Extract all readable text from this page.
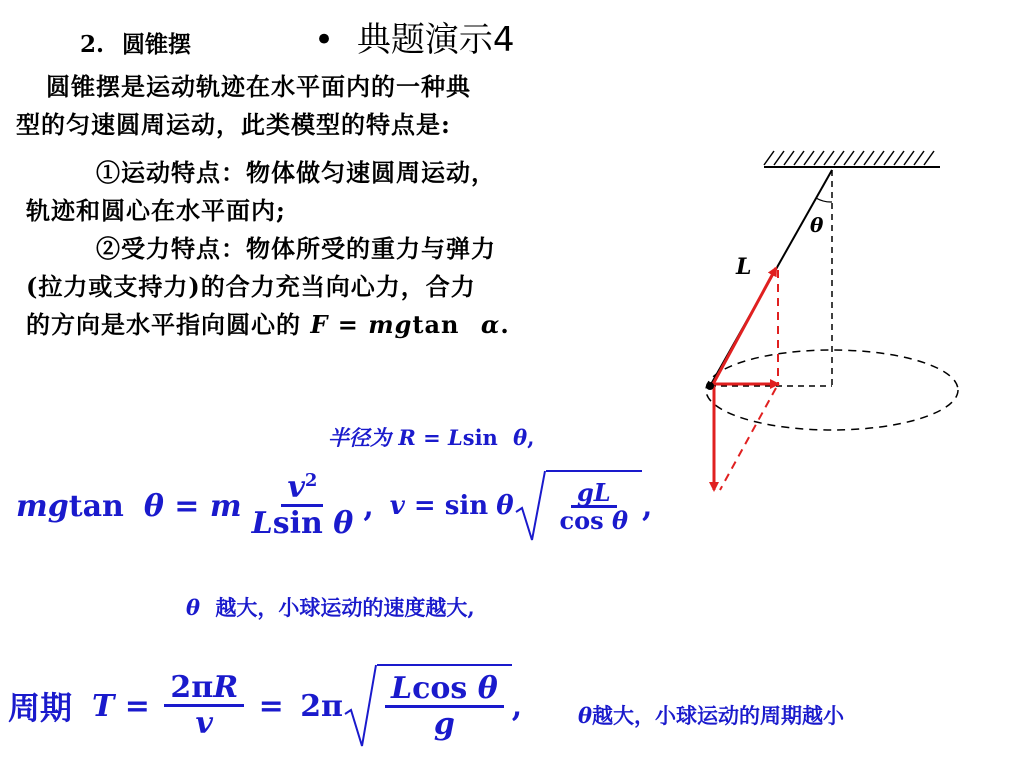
• 典题演示4
2. 圆锥摆
圆锥摆是运动轨迹在水平面内的一种典
型的匀速圆周运动，此类模型的特点是:
①运动特点：物体做匀速圆周运动，
轨迹和圆心在水平面内;
②受力特点：物体所受的重力与弹力
(拉力或支持力)的合力充当向心力，合力
的方向是水平指向圆心的 F = mgtan α.
半径为 R = Lsin θ,
mg tan θ = m $\frac{v^2}{\text{Lsin θ}}$ , v = sin θ $\frac{gL}{\text{cos θ}}$ ,
θ 越大，小球运动的速度越大,
周期 $T = \frac{2\pi R}{v} = 2\pi \frac{\text{Lcos θ}}{g}$ ,	θ越大，小球运动的周期越小
θ
L
